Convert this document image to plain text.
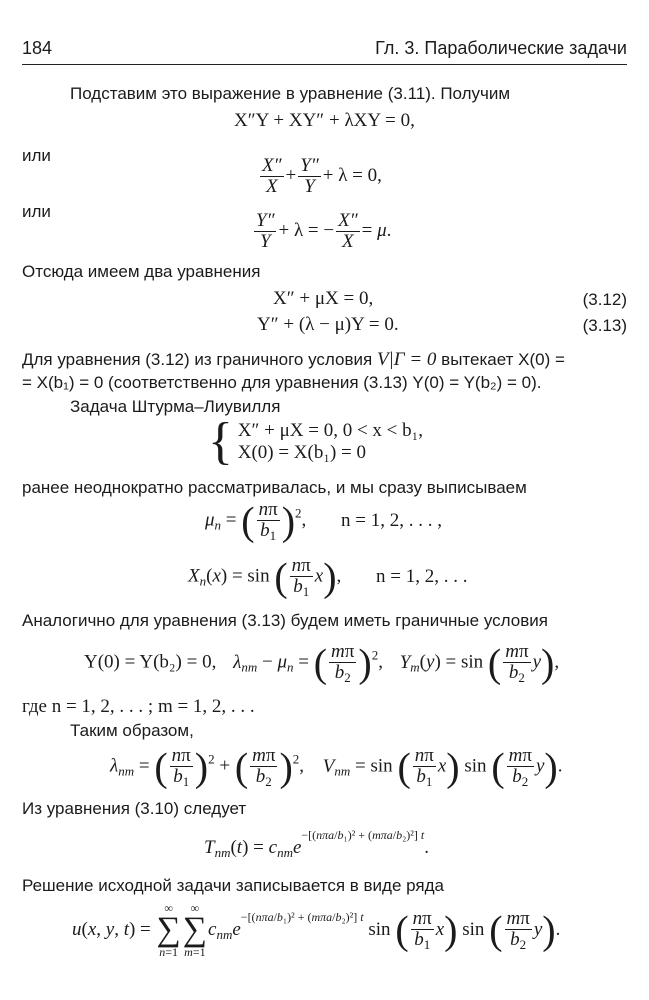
184	Гл. 3. Параболические задачи
Подставим это выражение в уравнение (3.11). Получим
X″Y + XY″ + λXY = 0,
или
$\frac{X''}{X} + \frac{Y''}{Y} + \lambda = 0$,
или	$\frac{Y''}{Y} + \lambda$ = − $\frac{X''}{X} = \mu$.
Отсюда имеем два уравнения
X″ + μX = 0,	(3.12)
Y″ + (λ − μ)Y = 0.	(3.13)
Для уравнения (3.12) из граничного условия V|Γ = 0 вытекает X(0) =
= X(b₁) = 0 (соответственно для уравнения (3.13) Y(0) = Y(b₂) = 0).
Задача Штурма–Лиувилля
{ X″ + μX = 0, 0 < x < b₁,
X(0) = X(b₁) = 0
ранее неоднократно рассматривалась, и мы сразу выписываем
$\mu_n$ = ( $\frac{n\pi}{b_1} )^2$, n = 1, 2, . . . ,
$X_n(x) = \sin$ ( $\frac{n\pi}{b_1} x$), n = 1, 2, . . .
Аналогично для уравнения (3.13) будем иметь граничные условия
Y(0) = Y(b₂) = 0, $\lambda_{nm} - \mu_n$ = ( $\frac{m\pi}{b_2} )^2$, $Y_m(y) = \sin$ ( $\frac{m\pi}{b_2} y$),
где n = 1, 2, . . . ; m = 1, 2, . . .
Таким образом,
$\lambda_{nm}$ = ( $\frac{n\pi}{b_1} )^2$ + ( $\frac{m\pi}{b_2} )^2$, $V_{nm} = \sin$ ( $\frac{n\pi}{b_1} x$) sin ( $\frac{m\pi}{b_2} y$).
Из уравнения (3.10) следует
$T_{nm}(t) = c_{nm}e-[(n\pi a/b_1)^2 + (m\pi a/b_2)^2]$ t.
Решение исходной задачи записывается в виде ряда
u(x, y, t) =
∞
∑
n=1
∞
∑
m=1
$c_{nm}e-[(n\pi a/b_1)^2 + (m\pi a/b_2)^2]$ t sin ( $\frac{n\pi}{b_1} x$) sin ( $\frac{m\pi}{b_2} y$).
